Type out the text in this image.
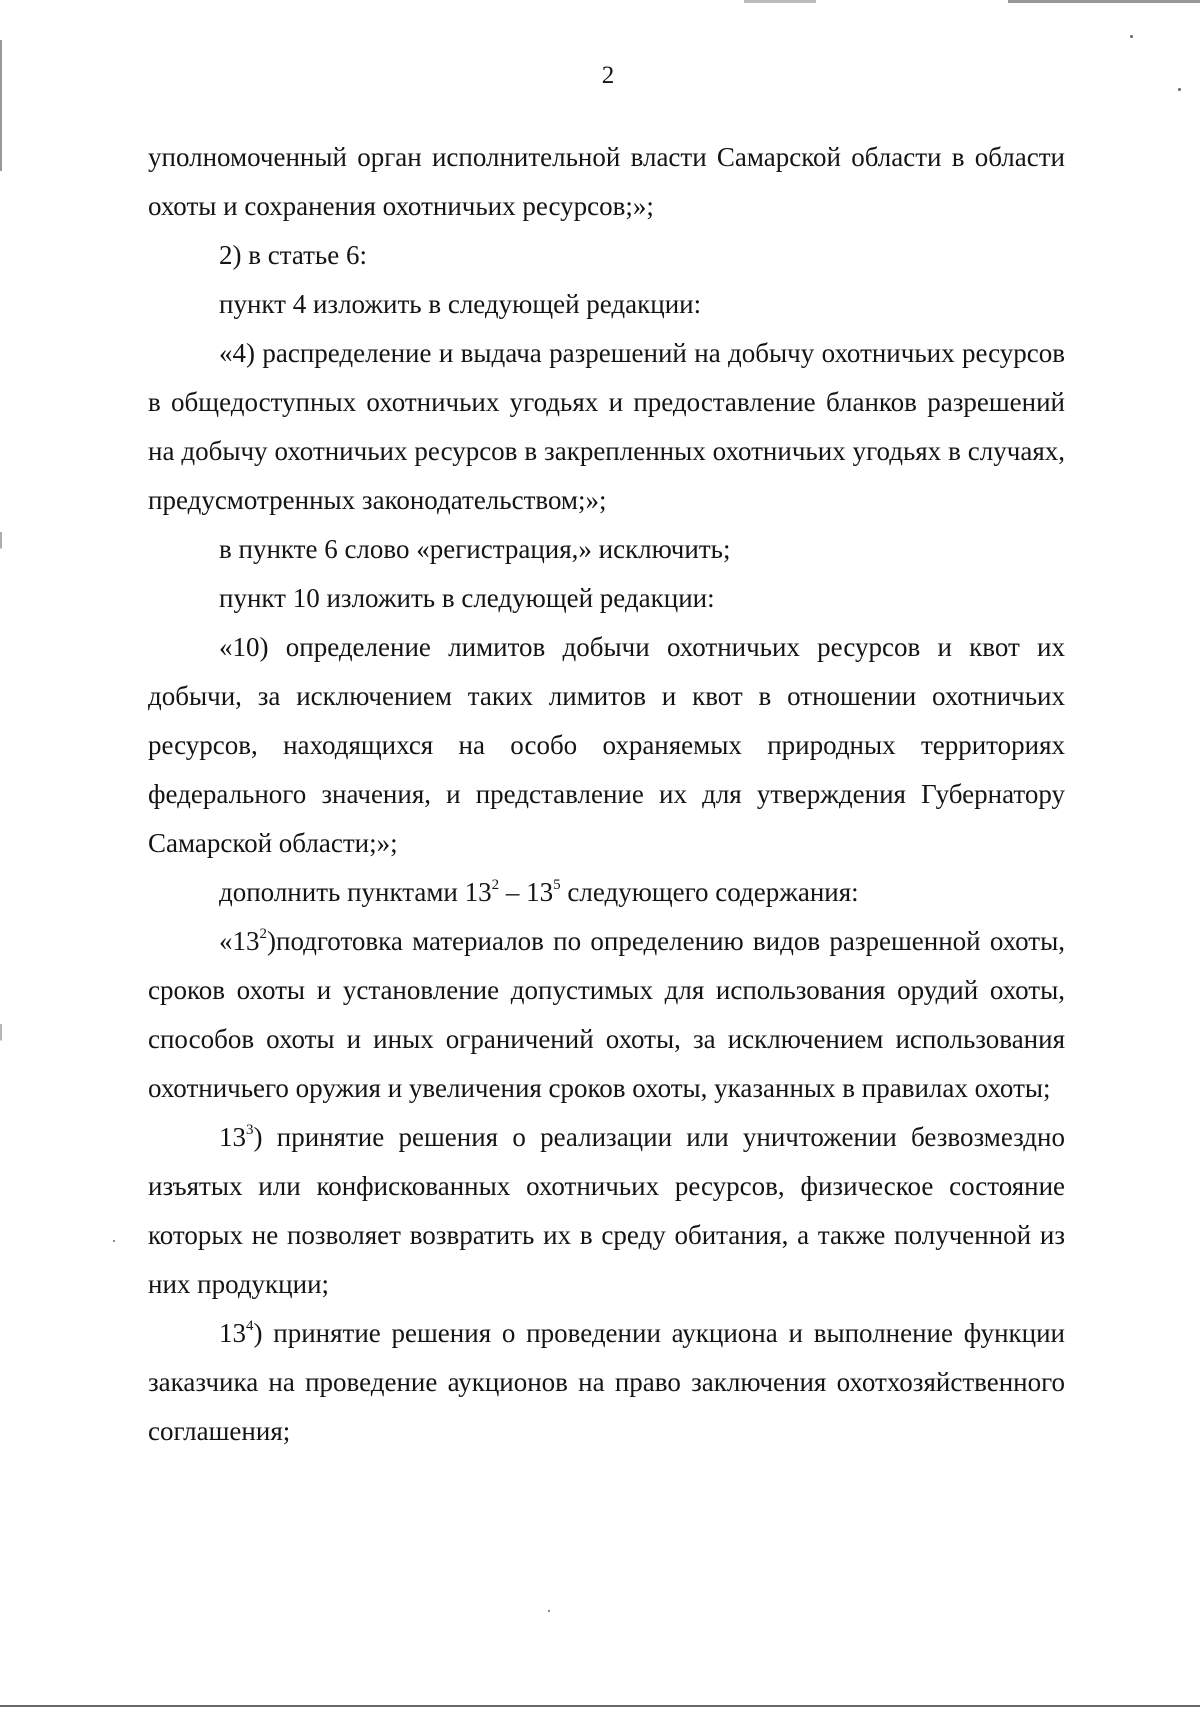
2

уполномоченный орган исполнительной власти Самарской области в области охоты и сохранения охотничьих ресурсов;»;

2) в статье 6:

пункт 4 изложить в следующей редакции:

«4) распределение и выдача разрешений на добычу охотничьих ресурсов в общедоступных охотничьих угодьях и предоставление бланков разрешений на добычу охотничьих ресурсов в закрепленных охотничьих угодьях в случаях, предусмотренных законодательством;»;

в пункте 6 слово «регистрация,» исключить;

пункт 10 изложить в следующей редакции:

«10) определение лимитов добычи охотничьих ресурсов и квот их добычи, за исключением таких лимитов и квот в отношении охотничьих ресурсов, находящихся на особо охраняемых природных территориях федерального значения, и представление их для утверждения Губернатору Самарской области;»;

дополнить пунктами $13^2 - 13^5$ следующего содержания:

«$13^2)подготовка$ материалов по определению видов разрешенной охоты, сроков охоты и установление допустимых для использования орудий охоты, способов охоты и иных ограничений охоты, за исключением использования охотничьего оружия и увеличения сроков охоты, указанных в правилах охоты;

$13^3$) принятие решения о реализации или уничтожении безвозмездно изъятых или конфискованных охотничьих ресурсов, физическое состояние которых не позволяет возвратить их в среду обитания, а также полученной из них продукции;

$13^4$) принятие решения о проведении аукциона и выполнение функции заказчика на проведение аукционов на право заключения охотхозяйственного соглашения;
